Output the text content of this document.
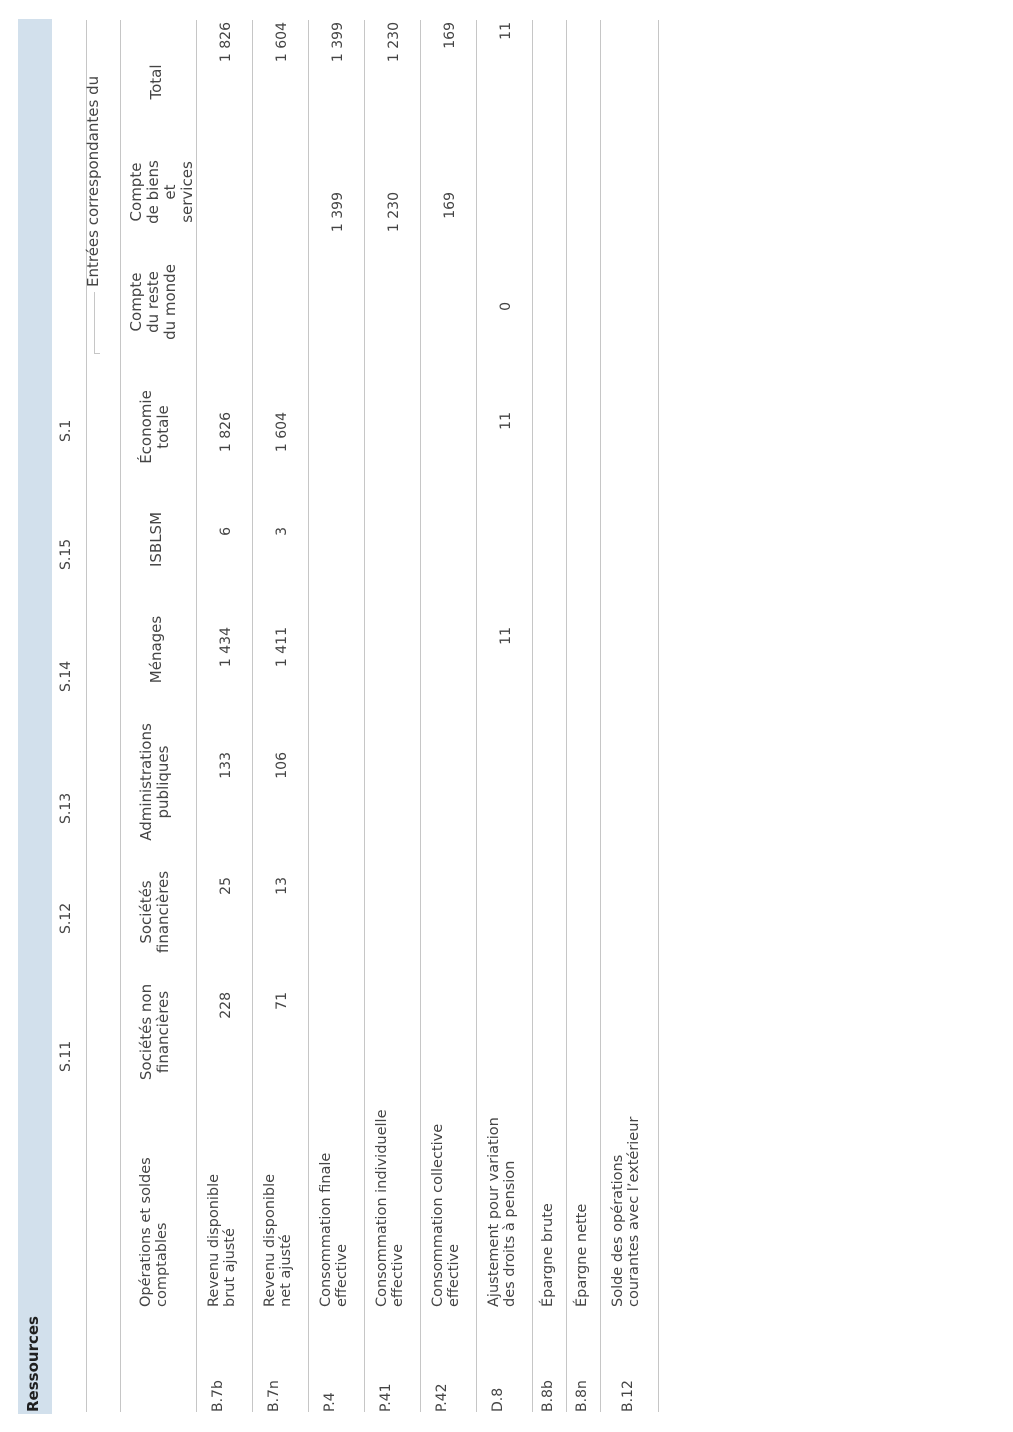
Ressources
Entrées correspondantes du
S.11
S.12
S.13
S.14
S.15
S.1
Opérations et soldes comptables
Sociétés non financières
Sociétés financières
Administrations publiques
Ménages
ISBLSM
Économie totale
Compte du reste du monde
Compte de biens et services
Total
B.7b
Revenu disponible brut ajusté
228
25
133
1 434
6
1 826
1 826
B.7n
Revenu disponible net ajusté
71
13
106
1 411
3
1 604
1 604
P.4
Consommation finale effective
1 399
1 399
P.41
Consommation individuelle effective
1 230
1 230
P.42
Consommation collective effective
169
169
D.8
Ajustement pour variation des droits à pension
11
11
0
11
B.8b
Épargne brute
B.8n
Épargne nette
B.12
Solde des opérations courantes avec l’extérieur
